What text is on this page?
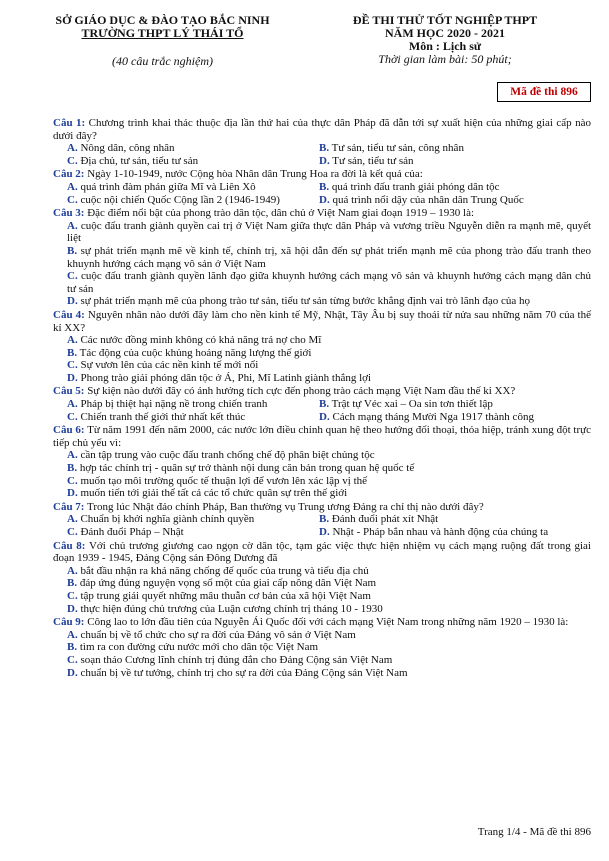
SỞ GIÁO DỤC & ĐÀO TẠO BẮC NINH
TRƯỜNG THPT LÝ THÁI TỔ
(40 câu trắc nghiệm)
ĐỀ THI THỬ TỐT NGHIỆP THPT
NĂM HỌC 2020 - 2021
Môn : Lịch sử
Thời gian làm bài: 50 phút;
Mã đề thi 896
Câu 1: Chương trình khai thác thuộc địa lần thứ hai của thực dân Pháp đã dẫn tới sự xuất hiện của những giai cấp nào dưới đây?
A. Nông dân, công nhân	B. Tư sản, tiểu tư sản, công nhân
C. Địa chủ, tư sản, tiểu tư sản	D. Tư sản, tiểu tư sản
Câu 2: Ngày 1-10-1949, nước Cộng hòa Nhân dân Trung Hoa ra đời là kết quả của:
A. quá trình đàm phán giữa Mĩ và Liên Xô	B. quá trình đấu tranh giải phóng dân tộc
C. cuộc nội chiến Quốc Cộng lần 2 (1946-1949)	D. quá trình nổi dậy của nhân dân Trung Quốc
Câu 3: Đặc điểm nổi bật của phong trào dân tộc, dân chủ ở Việt Nam giai đoạn 1919 – 1930 là:
A. cuộc đấu tranh giành quyền cai trị ở Việt Nam giữa thực dân Pháp và vương triều Nguyễn diễn ra mạnh mẽ, quyết liệt
B. sự phát triển mạnh mẽ về kinh tế, chính trị, xã hội dẫn đến sự phát triển mạnh mẽ của phong trào đấu tranh theo khuynh hướng cách mạng vô sản ở Việt Nam
C. cuộc đấu tranh giành quyền lãnh đạo giữa khuynh hướng cách mạng vô sản và khuynh hướng cách mạng dân chủ tư sản
D. sự phát triển mạnh mẽ của phong trào tư sản, tiểu tư sản từng bước khẳng định vai trò lãnh đạo của họ
Câu 4: Nguyên nhân nào dưới đây làm cho nền kinh tế Mỹ, Nhật, Tây Âu bị suy thoái từ nửa sau những năm 70 của thế kỉ XX?
A. Các nước đồng minh không có khả năng trả nợ cho Mĩ
B. Tác động của cuộc khủng hoảng năng lượng thế giới
C. Sự vươn lên của các nền kinh tế mới nổi
D. Phong trào giải phóng dân tộc ở Á, Phi, Mĩ Latinh giành thắng lợi
Câu 5: Sự kiện nào dưới đây có ảnh hưởng tích cực đến phong trào cách mạng Việt Nam đầu thế kỉ XX?
A. Pháp bị thiệt hại nặng nề trong chiến tranh	B. Trật tự Véc xai – Oa sin tơn thiết lập
C. Chiến tranh thế giới thứ nhất kết thúc	D. Cách mạng tháng Mười Nga 1917 thành công
Câu 6: Từ năm 1991 đến năm 2000, các nước lớn điều chỉnh quan hệ theo hướng đối thoại, thỏa hiệp, tránh xung đột trực tiếp chủ yếu vì:
A. cần tập trung vào cuộc đấu tranh chống chế độ phân biệt chủng tộc
B. hợp tác chính trị - quân sự trở thành nội dung căn bản trong quan hệ quốc tế
C. muốn tạo môi trường quốc tế thuận lợi để vươn lên xác lập vị thế
D. muốn tiến tới giải thể tất cả các tổ chức quân sự trên thế giới
Câu 7: Trong lúc Nhật đảo chính Pháp, Ban thường vụ Trung ương Đảng ra chỉ thị nào dưới đây?
A. Chuẩn bị khởi nghĩa giành chính quyền	B. Đánh đuổi phát xít Nhật
C. Đánh đuổi Pháp – Nhật	D. Nhật - Pháp bắn nhau và hành động của chúng ta
Câu 8: Với chủ trương giương cao ngọn cờ dân tộc, tạm gác việc thực hiện nhiệm vụ cách mạng ruộng đất trong giai đoạn 1939 - 1945, Đảng Cộng sản Đông Dương đã
A. bắt đầu nhận ra khả năng chống đế quốc của trung và tiểu địa chủ
B. đáp ứng đúng nguyện vọng số một của giai cấp nông dân Việt Nam
C. tập trung giải quyết những mâu thuẫn cơ bản của xã hội Việt Nam
D. thực hiện đúng chủ trương của Luận cương chính trị tháng 10 - 1930
Câu 9: Công lao to lớn đầu tiên của Nguyễn Ái Quốc đối với cách mạng Việt Nam trong những năm 1920 – 1930 là:
A. chuẩn bị về tổ chức cho sự ra đời của Đảng vô sản ở Việt Nam
B. tìm ra con đường cứu nước mới cho dân tộc Việt Nam
C. soạn thảo Cương lĩnh chính trị đúng đắn cho Đảng Cộng sản Việt Nam
D. chuẩn bị về tư tưởng, chính trị cho sự ra đời của Đảng Cộng sản Việt Nam
Trang 1/4 - Mã đề thi 896
